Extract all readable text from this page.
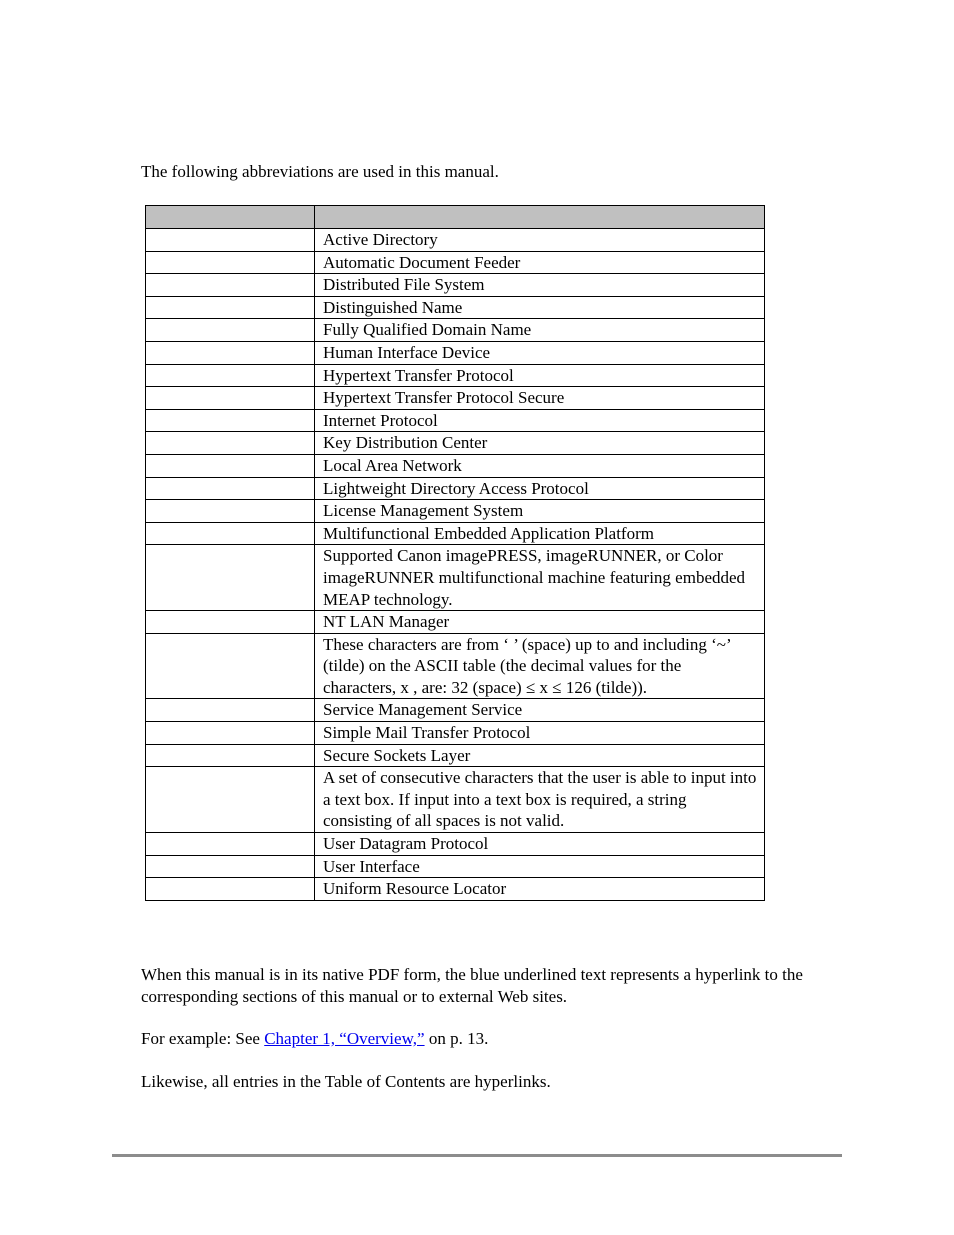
The following abbreviations are used in this manual.

	Active Directory
	Automatic Document Feeder
	Distributed File System
	Distinguished Name
	Fully Qualified Domain Name
	Human Interface Device
	Hypertext Transfer Protocol
	Hypertext Transfer Protocol Secure
	Internet Protocol
	Key Distribution Center
	Local Area Network
	Lightweight Directory Access Protocol
	License Management System
	Multifunctional Embedded Application Platform
	Supported Canon imagePRESS, imageRUNNER, or Color imageRUNNER multifunctional machine featuring embedded MEAP technology.
	NT LAN Manager
	These characters are from ‘ ’ (space) up to and including ‘~’ (tilde) on the ASCII table (the decimal values for the characters, x , are: 32 (space) ≤ x ≤ 126 (tilde)).
	Service Management Service
	Simple Mail Transfer Protocol
	Secure Sockets Layer
	A set of consecutive characters that the user is able to input into a text box. If input into a text box is required, a string consisting of all spaces is not valid.
	User Datagram Protocol
	User Interface
	Uniform Resource Locator

When this manual is in its native PDF form, the blue underlined text represents a hyperlink to the corresponding sections of this manual or to external Web sites.

For example: See Chapter 1, “Overview,” on p. 13.

Likewise, all entries in the Table of Contents are hyperlinks.
